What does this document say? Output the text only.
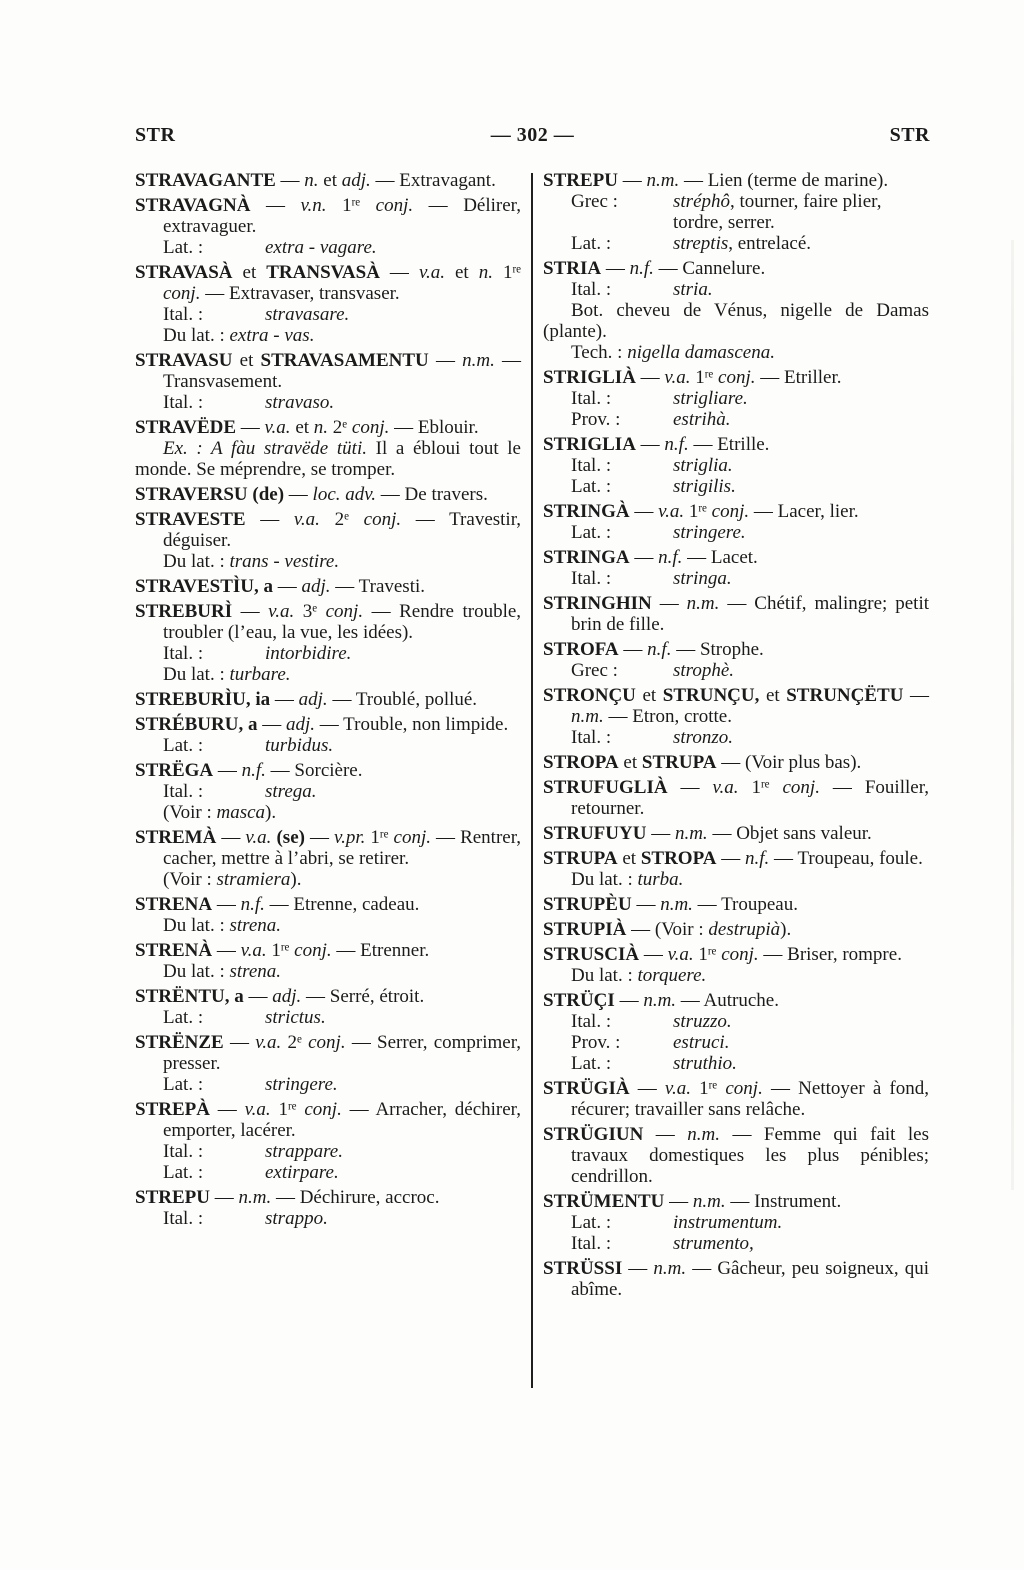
STR	— 302 —	STR

STRAVAGANTE — n. et adj. — Extravagant.

STRAVAGNÀ — v.n. 1re conj. — Délirer, extravaguer.

Lat. :	extra - vagare.

STRAVASÀ et TRANSVASÀ — v.a. et n. 1re conj. — Extravaser, transvaser.

Ital. :	stravasare.

Du lat. : extra - vas.

STRAVASU et STRAVASAMENTU — n.m. — Transvasement.

Ital. :	stravaso.

STRAVËDE — v.a. et n. 2e conj. — Eblouir.

Ex. : A fàu stravëde tüti. Il a ébloui tout le monde. Se méprendre, se tromper.

STRAVERSU (de) — loc. adv. — De travers.

STRAVESTE — v.a. 2e conj. — Travestir, déguiser.

Du lat. : trans - vestire.

STRAVESTÌU, a — adj. — Travesti.

STREBURÌ — v.a. 3e conj. — Rendre trouble, troubler (l’eau, la vue, les idées).

Ital. :	intorbidire.

Du lat. : turbare.

STREBURÌU, ia — adj. — Troublé, pollué.

STRÉBURU, a — adj. — Trouble, non limpide.

Lat. :	turbidus.

STRËGA — n.f. — Sorcière.

Ital. :	strega.

(Voir : masca).

STREMÀ — v.a. (se) — v.pr. 1re conj. — Rentrer, cacher, mettre à l’abri, se retirer.

(Voir : stramiera).

STRENA — n.f. — Etrenne, cadeau.

Du lat. : strena.

STRENÀ — v.a. 1re conj. — Etrenner.

Du lat. : strena.

STRËNTU, a — adj. — Serré, étroit.

Lat. :	strictus.

STRËNZE — v.a. 2e conj. — Serrer, comprimer, presser.

Lat. :	stringere.

STREPÀ — v.a. 1re conj. — Arracher, déchirer, emporter, lacérer.

Ital. :	strappare.

Lat. :	extirpare.

STREPU — n.m. — Déchirure, accroc.

Ital. :	strappo.

STREPU — n.m. — Lien (terme de marine).

Grec :	stréphô, tourner, faire plier, tordre, serrer.

Lat. :	streptis, entrelacé.

STRIA — n.f. — Cannelure.

Ital. :	stria.

Bot. cheveu de Vénus, nigelle de Damas (plante).

Tech. : nigella damascena.

STRIGLIÀ — v.a. 1re conj. — Etriller.

Ital. :	strigliare.

Prov. :	estrihà.

STRIGLIA — n.f. — Etrille.

Ital. :	striglia.

Lat. :	strigilis.

STRINGÀ — v.a. 1re conj. — Lacer, lier.

Lat. :	stringere.

STRINGA — n.f. — Lacet.

Ital. :	stringa.

STRINGHIN — n.m. — Chétif, malingre; petit brin de fille.

STROFA — n.f. — Strophe.

Grec :	strophè.

STRONÇU et STRUNÇU, et STRUNÇËTU — n.m. — Etron, crotte.

Ital. :	stronzo.

STROPA et STRUPA — (Voir plus bas).

STRUFUGLIÀ — v.a. 1re conj. — Fouiller, retourner.

STRUFUYU — n.m. — Objet sans valeur.

STRUPA et STROPA — n.f. — Troupeau, foule.

Du lat. : turba.

STRUPÈU — n.m. — Troupeau.

STRUPIÀ — (Voir : destrupià).

STRUSCIÀ — v.a. 1re conj. — Briser, rompre.

Du lat. : torquere.

STRÜÇI — n.m. — Autruche.

Ital. :	struzzo.

Prov. :	estruci.

Lat. :	struthio.

STRÜGIÀ — v.a. 1re conj. — Nettoyer à fond, récurer; travailler sans relâche.

STRÜGIUN — n.m. — Femme qui fait les travaux domestiques les plus pénibles; cendrillon.

STRÜMENTU — n.m. — Instrument.

Lat. :	instrumentum.

Ital. :	strumento,

STRÜSSI — n.m. — Gâcheur, peu soigneux, qui abîme.
